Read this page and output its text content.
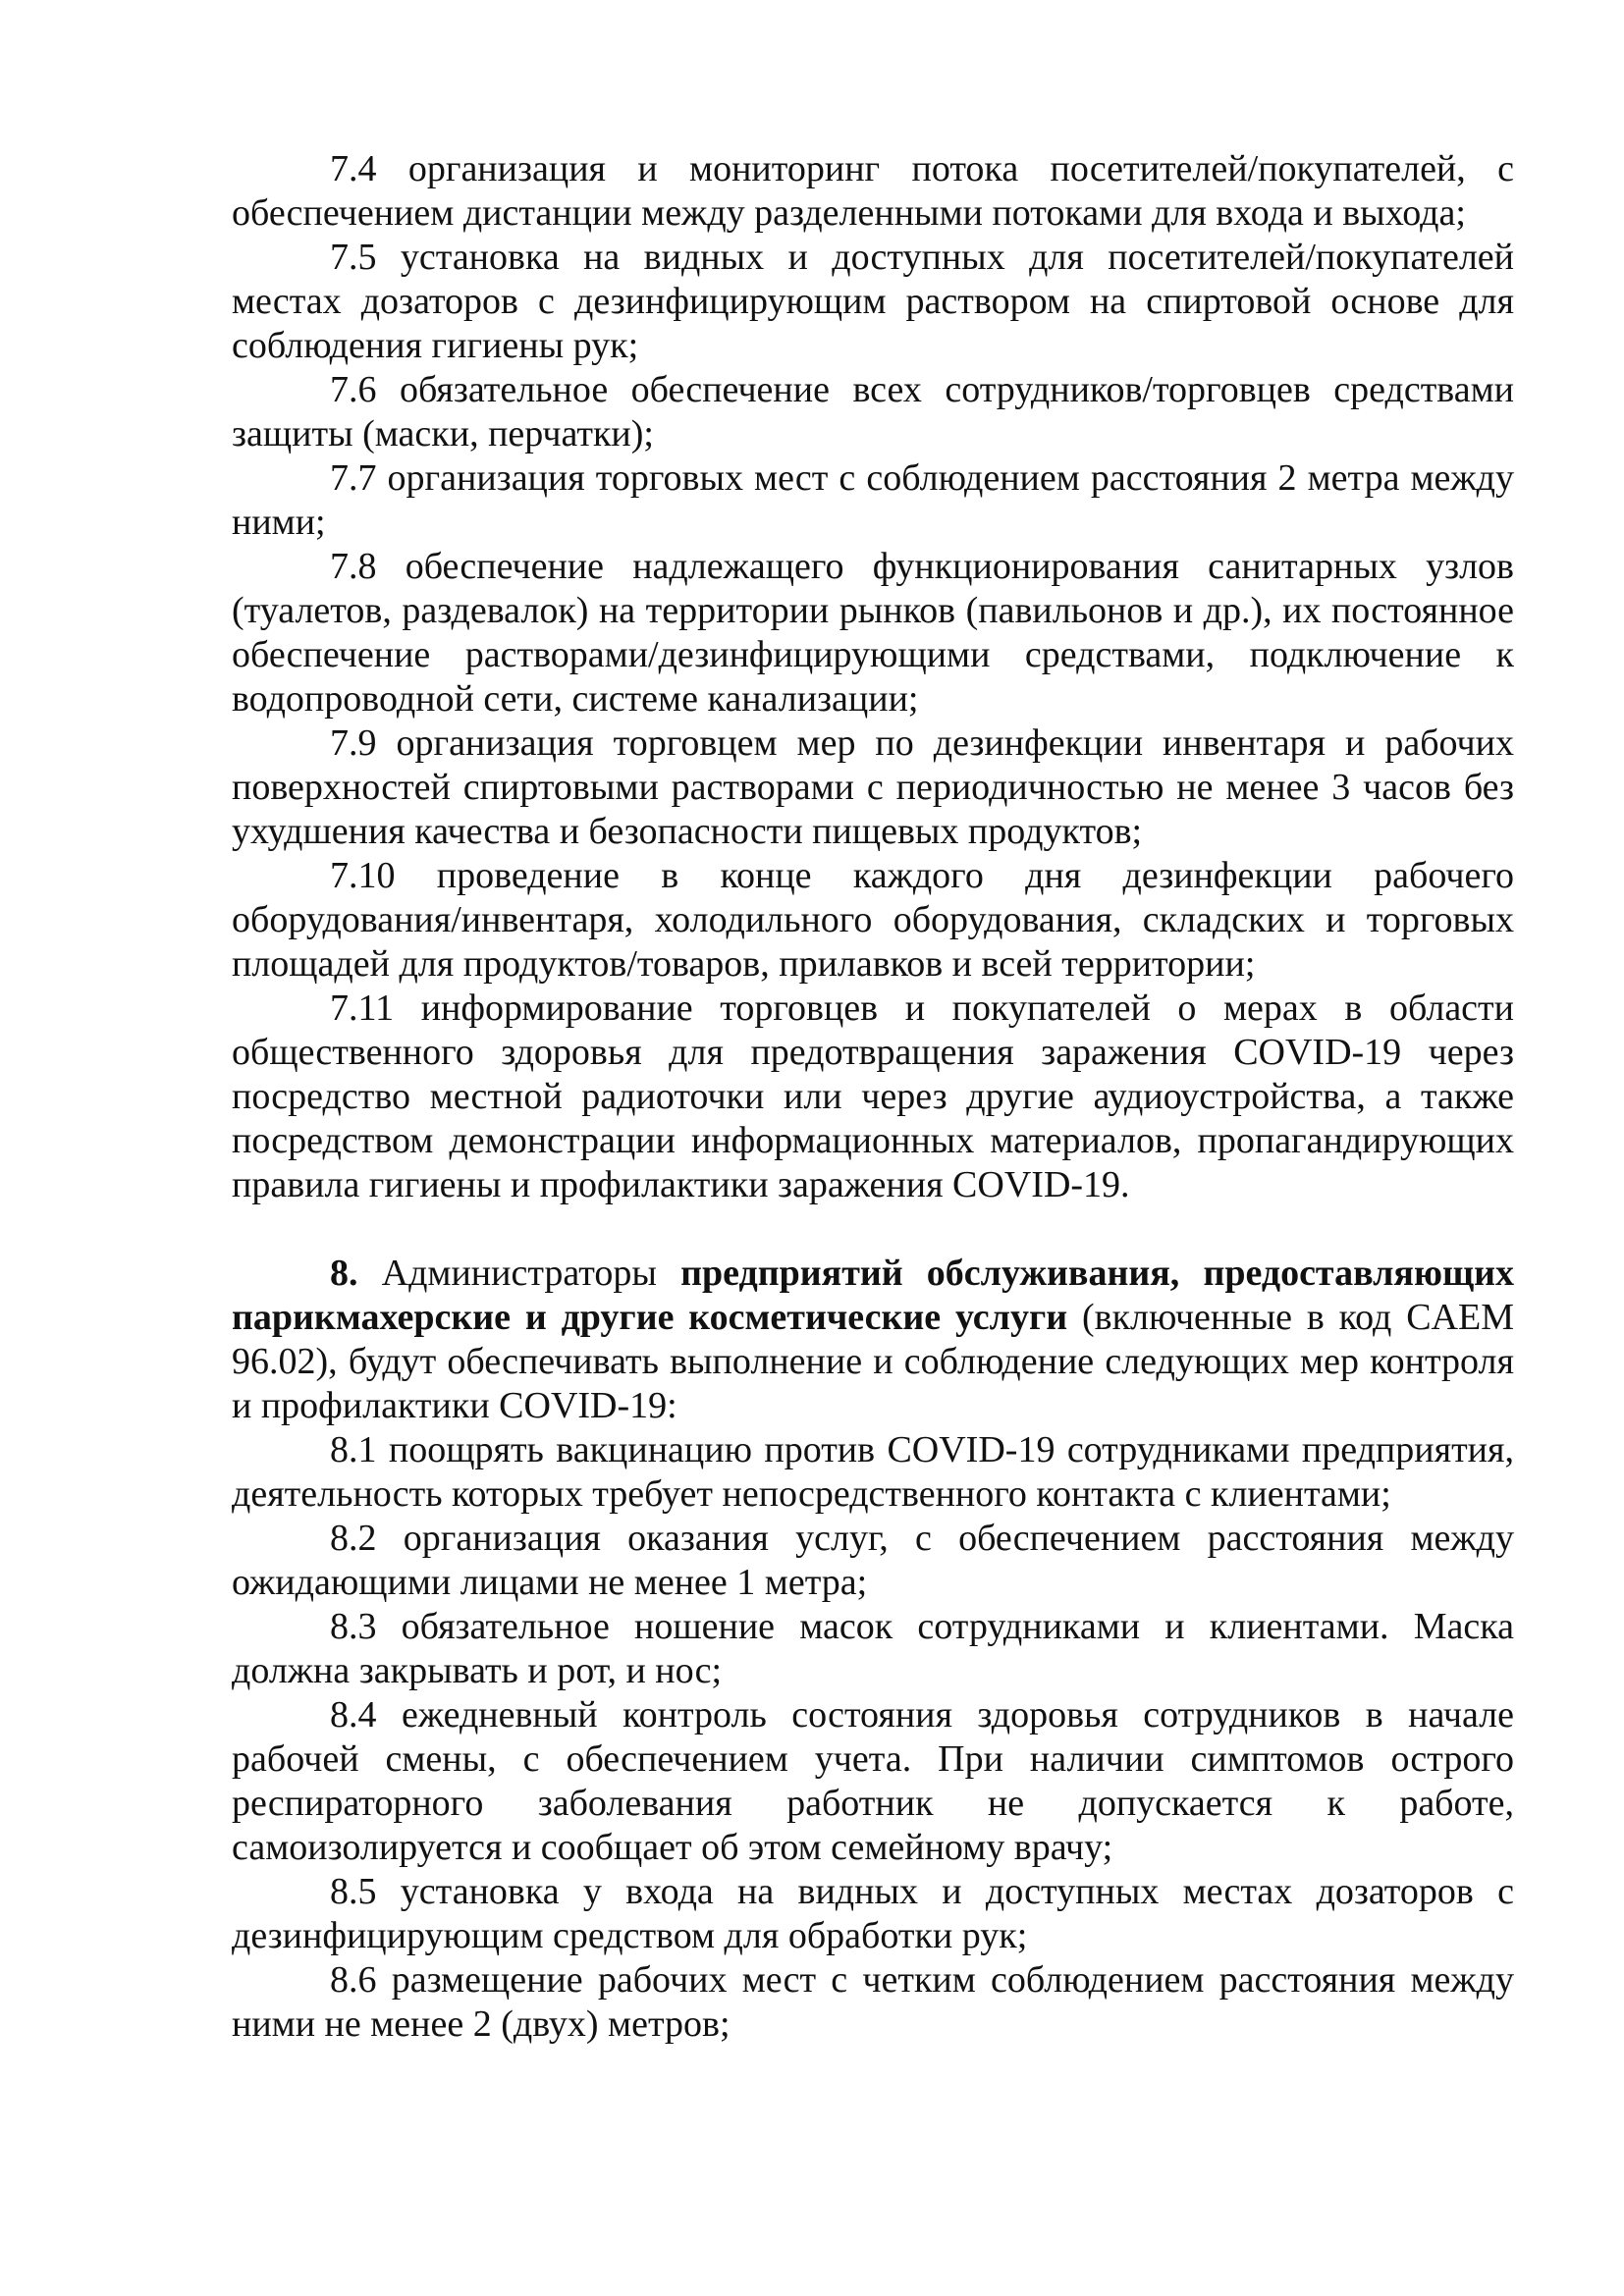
7.4 организация и мониторинг потока посетителей/покупателей, с обеспечением дистанции между разделенными потоками для входа и выхода;

7.5 установка на видных и доступных для посетителей/покупателей местах дозаторов с дезинфицирующим раствором на спиртовой основе для соблюдения гигиены рук;

7.6 обязательное обеспечение всех сотрудников/торговцев средствами защиты (маски, перчатки);

7.7 организация торговых мест с соблюдением расстояния 2 метра между ними;

7.8 обеспечение надлежащего функционирования санитарных узлов (туалетов, раздевалок) на территории рынков (павильонов и др.), их постоянное обеспечение растворами/дезинфицирующими средствами, подключение к водопроводной сети, системе канализации;

7.9 организация торговцем мер по дезинфекции инвентаря и рабочих поверхностей спиртовыми растворами с периодичностью не менее 3 часов без ухудшения качества и безопасности пищевых продуктов;

7.10 проведение в конце каждого дня дезинфекции рабочего оборудования/инвентаря, холодильного оборудования, складских и торговых площадей для продуктов/товаров, прилавков и всей территории;

7.11 информирование торговцев и покупателей о мерах в области общественного здоровья для предотвращения заражения COVID-19 через посредство местной радиоточки или через другие аудиоустройства, а также посредством демонстрации информационных материалов, пропагандирующих правила гигиены и профилактики заражения COVID-19.

8. Администраторы предприятий обслуживания, предоставляющих парикмахерские и другие косметические услуги (включенные в код CAEM 96.02), будут обеспечивать выполнение и соблюдение следующих мер контроля и профилактики COVID-19:

8.1 поощрять вакцинацию против COVID-19 сотрудниками предприятия, деятельность которых требует непосредственного контакта с клиентами;

8.2 организация оказания услуг, с обеспечением расстояния между ожидающими лицами не менее 1 метра;

8.3 обязательное ношение масок сотрудниками и клиентами. Маска должна закрывать и рот, и нос;

8.4 ежедневный контроль состояния здоровья сотрудников в начале рабочей смены, с обеспечением учета. При наличии симптомов острого респираторного заболевания работник не допускается к работе, самоизолируется и сообщает об этом семейному врачу;

8.5 установка у входа на видных и доступных местах дозаторов с дезинфицирующим средством для обработки рук;

8.6 размещение рабочих мест с четким соблюдением расстояния между ними не менее 2 (двух) метров;
